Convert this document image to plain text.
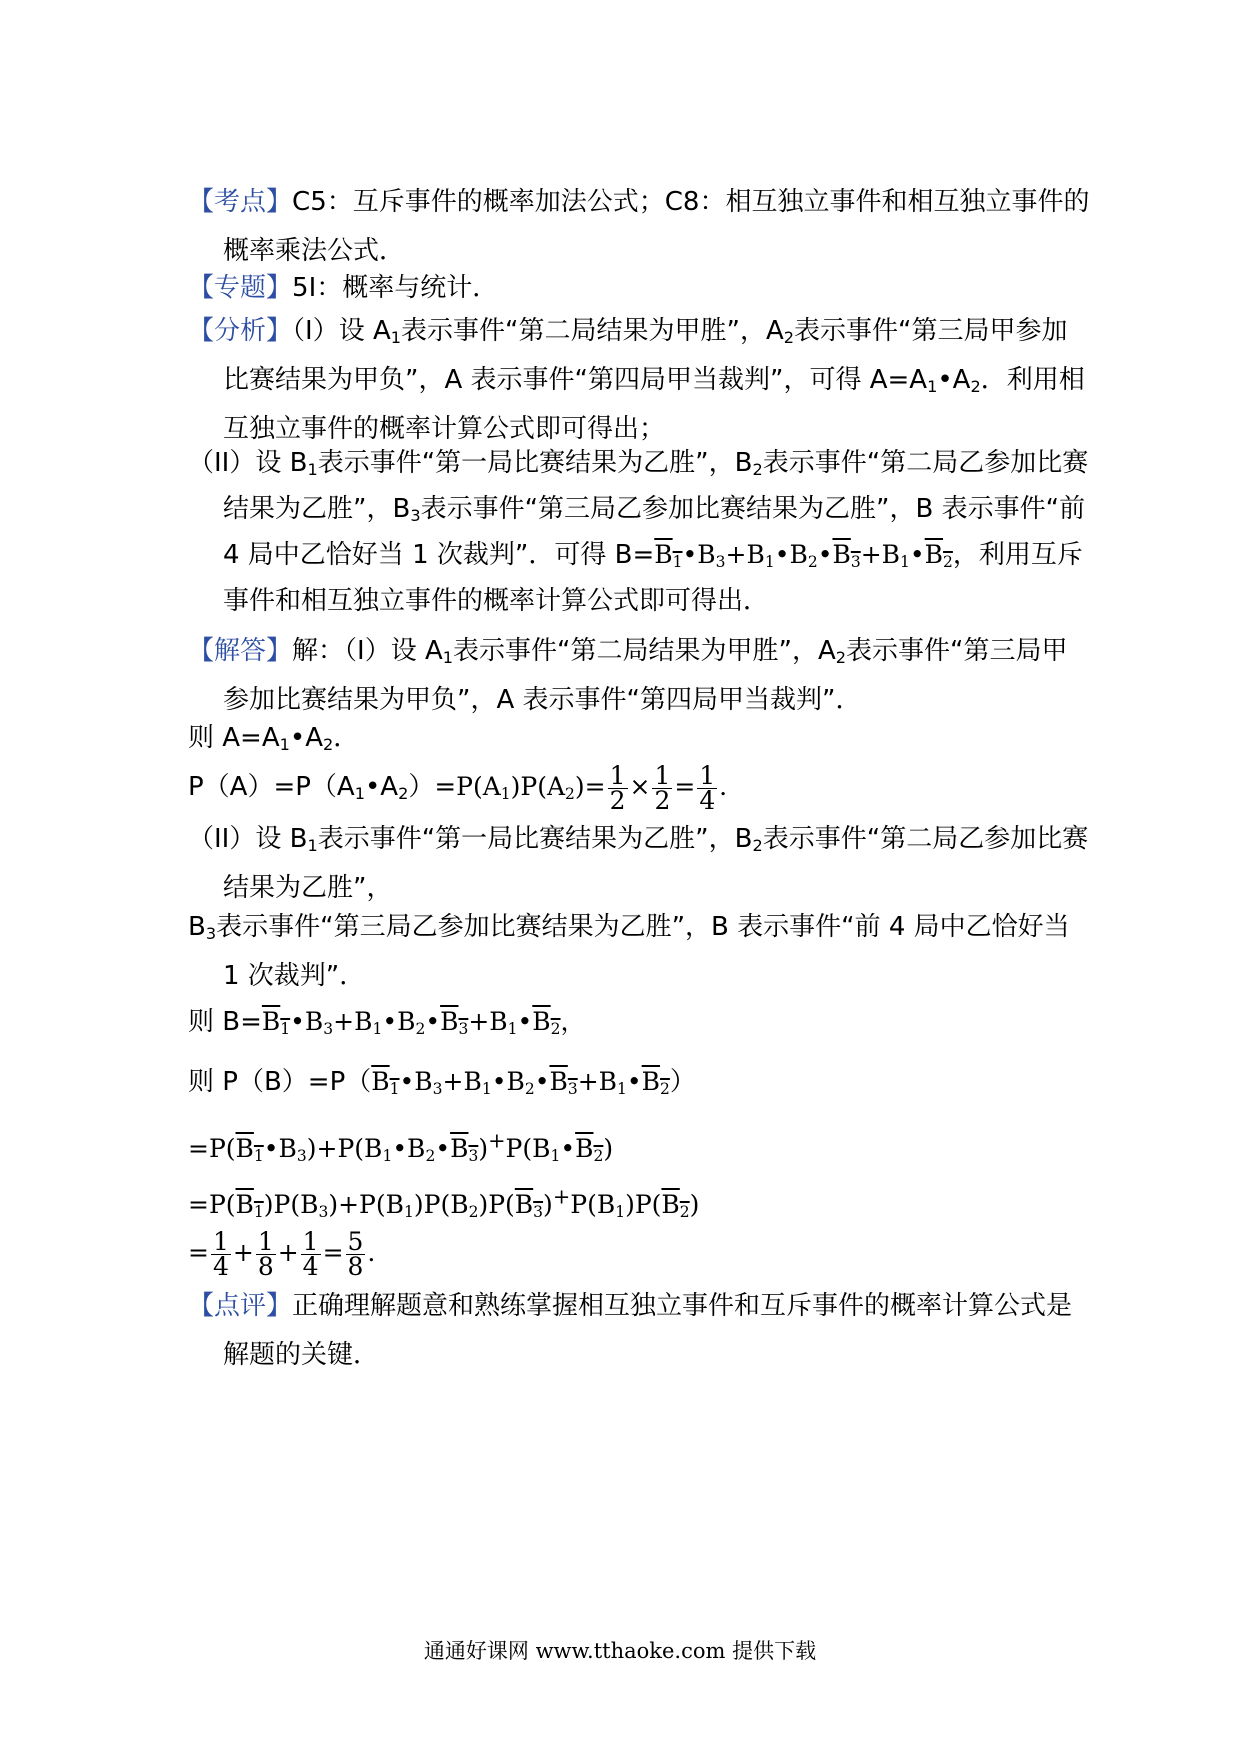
【考点】C5：互斥事件的概率加法公式；C8：相互独立事件和相互独立事件的概率乘法公式．

【专题】5I：概率与统计．

【分析】（I）设 $A_1$表示事件“第二局结果为甲胜”，$A_2$表示事件“第三局甲参加比赛结果为甲负”，A 表示事件“第四局甲当裁判”，可得 $A=A_1•A_2$．利用相互独立事件的概率计算公式即可得出；

（II）设 $B_1$表示事件“第一局比赛结果为乙胜”，$B_2$表示事件“第二局乙参加比赛结果为乙胜”，$B_3$表示事件“第三局乙参加比赛结果为乙胜”，B 表示事件“前 4 局中乙恰好当 1 次裁判”．可得 $B=B_1•B_3+B_1•B_2•B_3+B_1•B_2$，利用互斥事件和相互独立事件的概率计算公式即可得出．

【解答】解：（I）设 $A_1$表示事件“第二局结果为甲胜”，$A_2$表示事件“第三局甲参加比赛结果为甲负”，A 表示事件“第四局甲当裁判”．

则 $A=A_1•A_2$．

$P(A)=P(A_1•A_2)=P(A_1)P(A_2)= \frac{1}{2} \times \frac{1}{2} = \frac{1}{4}$ ．

（II）设 $B_1$表示事件“第一局比赛结果为乙胜”，$B_2$表示事件“第二局乙参加比赛结果为乙胜”，

$B_3$表示事件“第三局乙参加比赛结果为乙胜”，B 表示事件“前 4 局中乙恰好当 1 次裁判”．

则 $B=B_1•B_3+B_1•B_2•B_3+B_1•B_2$，

则 $P(B)=P(B_1•B_3+B_1•B_2•B_3+B_1•B_2)$

$=P(B_1•B_3)+P(B_1•B_2•B_3)^+P(B_1•B_2)$

$=P(B_1)P(B_3)+P(B_1)P(B_2)P(B_3)^+P(B_1)P(B_2)$

= $\frac{1}{4} + \frac{1}{8} + \frac{1}{4} = \frac{5}{8}$ ．

【点评】正确理解题意和熟练掌握相互独立事件和互斥事件的概率计算公式是解题的关键．

通通好课网 www.tthaoke.com 提供下载
